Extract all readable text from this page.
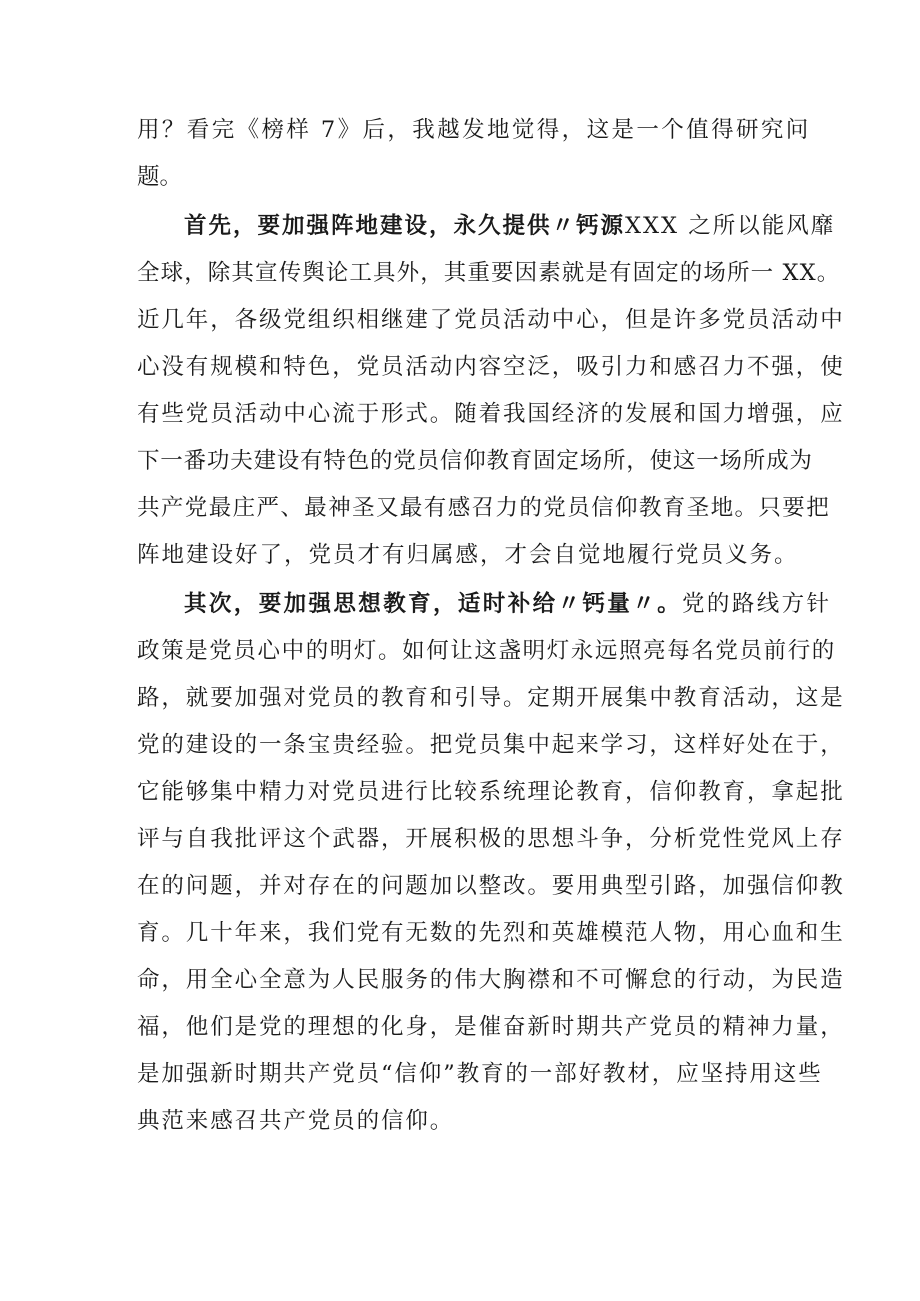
用？看完《榜样 7》后，我越发地觉得，这是一个值得研究问
题。
首先，要加强阵地建设，永久提供〃钙源XXX 之所以能风靡
全球，除其宣传舆论工具外，其重要因素就是有固定的场所一 XX。
近几年，各级党组织相继建了党员活动中心，但是许多党员活动中
心没有规模和特色，党员活动内容空泛，吸引力和感召力不强，使
有些党员活动中心流于形式。随着我国经济的发展和国力增强，应
下一番功夫建设有特色的党员信仰教育固定场所，使这一场所成为
共产党最庄严、最神圣又最有感召力的党员信仰教育圣地。只要把
阵地建设好了，党员才有归属感，才会自觉地履行党员义务。
其次，要加强思想教育，适时补给〃钙量〃。党的路线方针
政策是党员心中的明灯。如何让这盏明灯永远照亮每名党员前行的
路，就要加强对党员的教育和引导。定期开展集中教育活动，这是
党的建设的一条宝贵经验。把党员集中起来学习，这样好处在于，
它能够集中精力对党员进行比较系统理论教育，信仰教育，拿起批
评与自我批评这个武器，开展积极的思想斗争，分析党性党风上存
在的问题，并对存在的问题加以整改。要用典型引路，加强信仰教
育。几十年来，我们党有无数的先烈和英雄模范人物，用心血和生
命，用全心全意为人民服务的伟大胸襟和不可懈怠的行动，为民造
福，他们是党的理想的化身，是催奋新时期共产党员的精神力量，
是加强新时期共产党员“信仰”教育的一部好教材，应坚持用这些
典范来感召共产党员的信仰。
